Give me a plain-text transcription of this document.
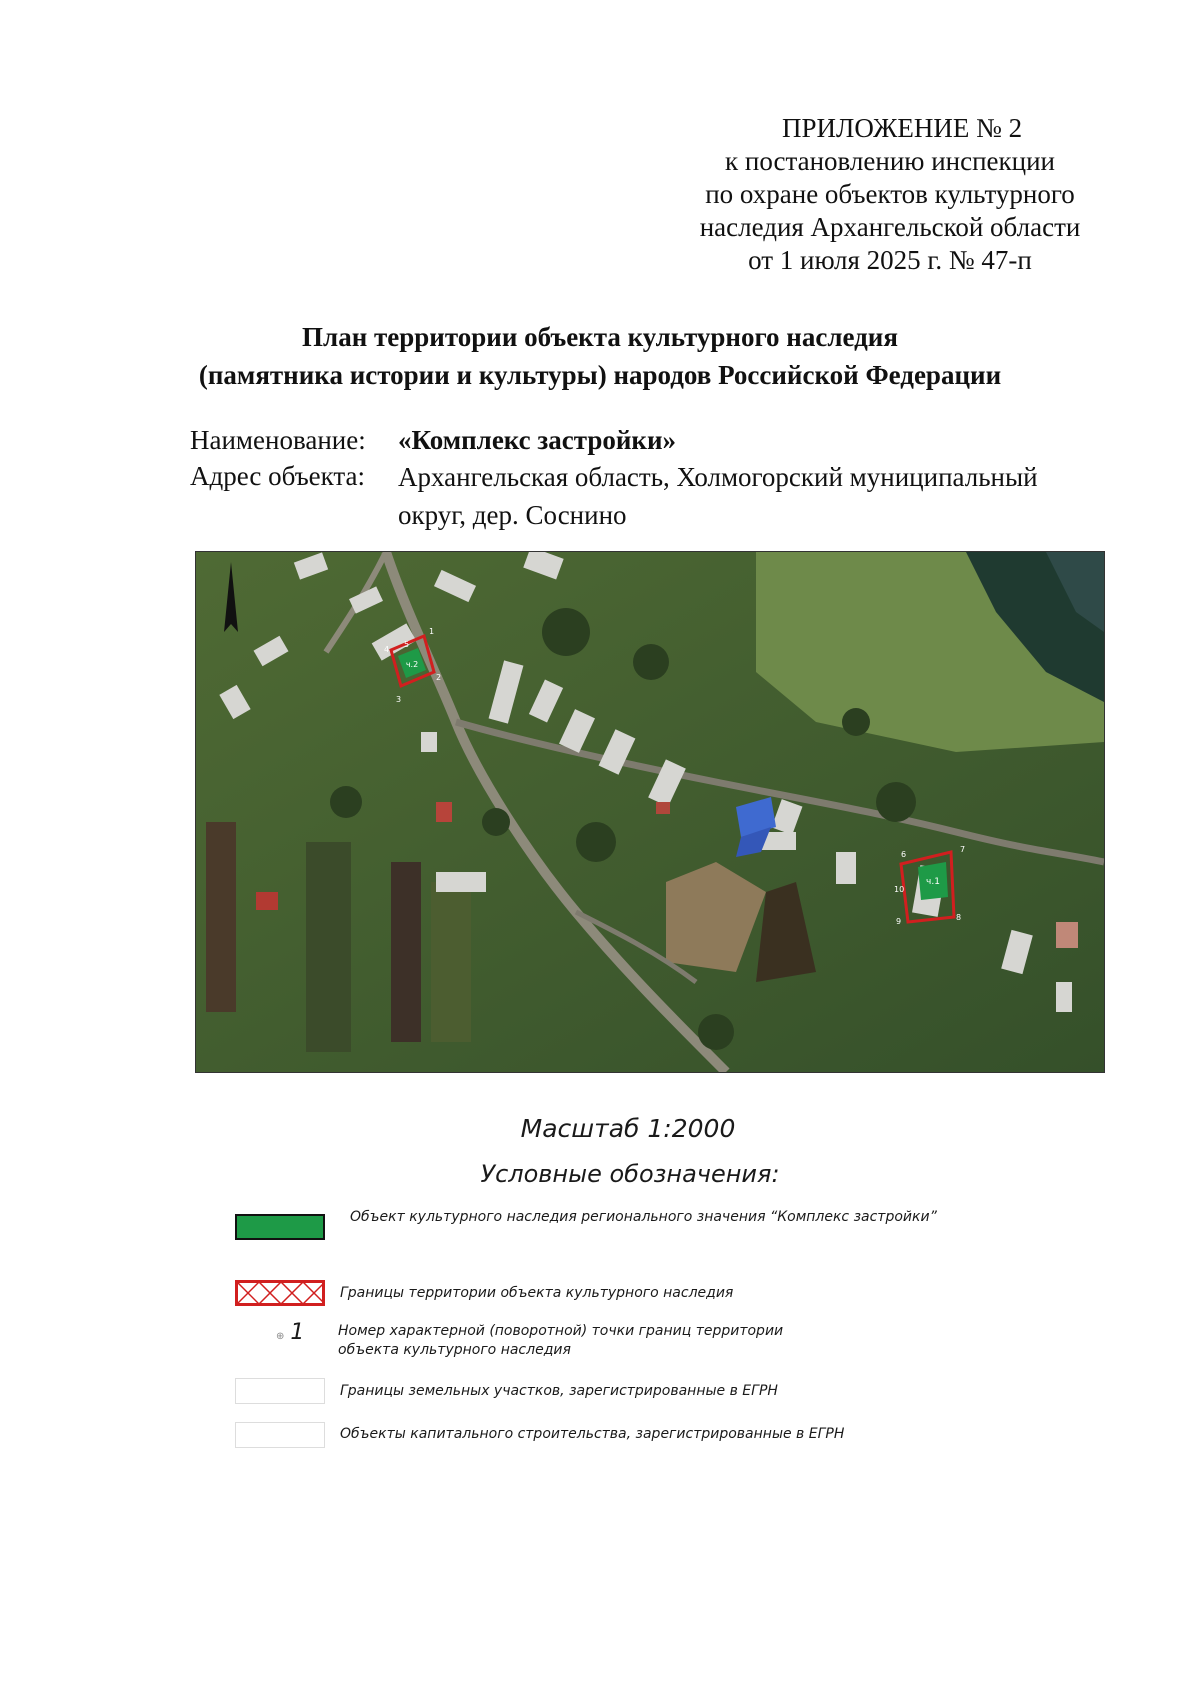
ПРИЛОЖЕНИЕ № 2
к постановлению инспекции
по охране объектов культурного
наследия Архангельской области
от 1 июля 2025 г. № 47-п
План территории объекта культурного наследия
(памятника истории и культуры) народов Российской Федерации
Наименование: «Комплекс застройки»
Адрес объекта: Архангельская область, Холмогорский муниципальный
округ, дер. Соснино
ч.2
ч.1
1
2
3
4
5
6
7
8
9
10
Масштаб 1:2000
Условные обозначения:
Объект культурного наследия регионального значения “Комплекс застройки”
Границы территории объекта культурного наследия
⊕ 1 Номер характерной (поворотной) точки границ территории
объекта культурного наследия
Границы земельных участков, зарегистрированные в ЕГРН
Объекты капитального строительства, зарегистрированные в ЕГРН
